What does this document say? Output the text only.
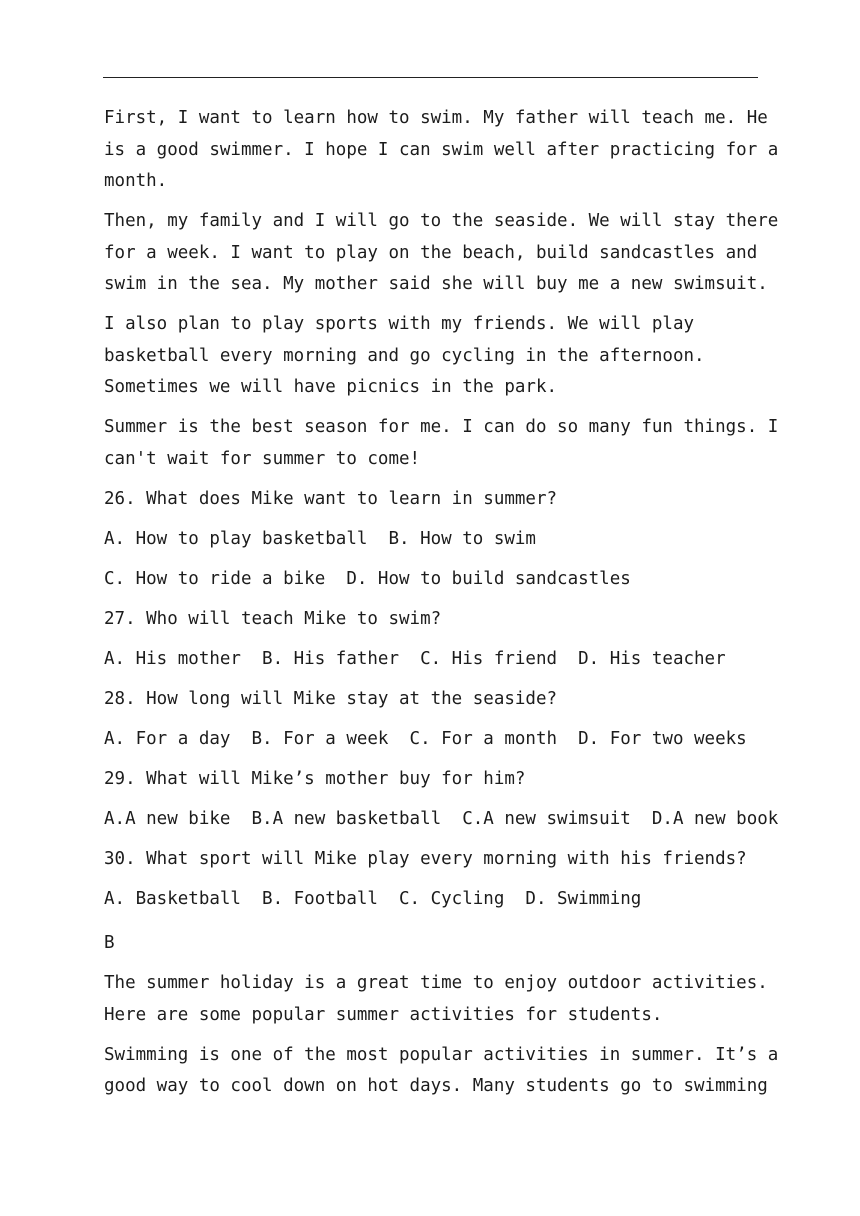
First, I want to learn how to swim. My father will teach me. He
is a good swimmer. I hope I can swim well after practicing for a
month.
Then, my family and I will go to the seaside. We will stay there
for a week. I want to play on the beach, build sandcastles and
swim in the sea. My mother said she will buy me a new swimsuit.
I also plan to play sports with my friends. We will play
basketball every morning and go cycling in the afternoon.
Sometimes we will have picnics in the park.
Summer is the best season for me. I can do so many fun things. I
can't wait for summer to come!
26. What does Mike want to learn in summer?
A. How to play basketball  B. How to swim
C. How to ride a bike  D. How to build sandcastles
27. Who will teach Mike to swim?
A. His mother  B. His father  C. His friend  D. His teacher
28. How long will Mike stay at the seaside?
A. For a day  B. For a week  C. For a month  D. For two weeks
29. What will Mike’s mother buy for him?
A.A new bike  B.A new basketball  C.A new swimsuit  D.A new book
30. What sport will Mike play every morning with his friends?
A. Basketball  B. Football  C. Cycling  D. Swimming
B
The summer holiday is a great time to enjoy outdoor activities.
Here are some popular summer activities for students.
Swimming is one of the most popular activities in summer. It’s a
good way to cool down on hot days. Many students go to swimming
